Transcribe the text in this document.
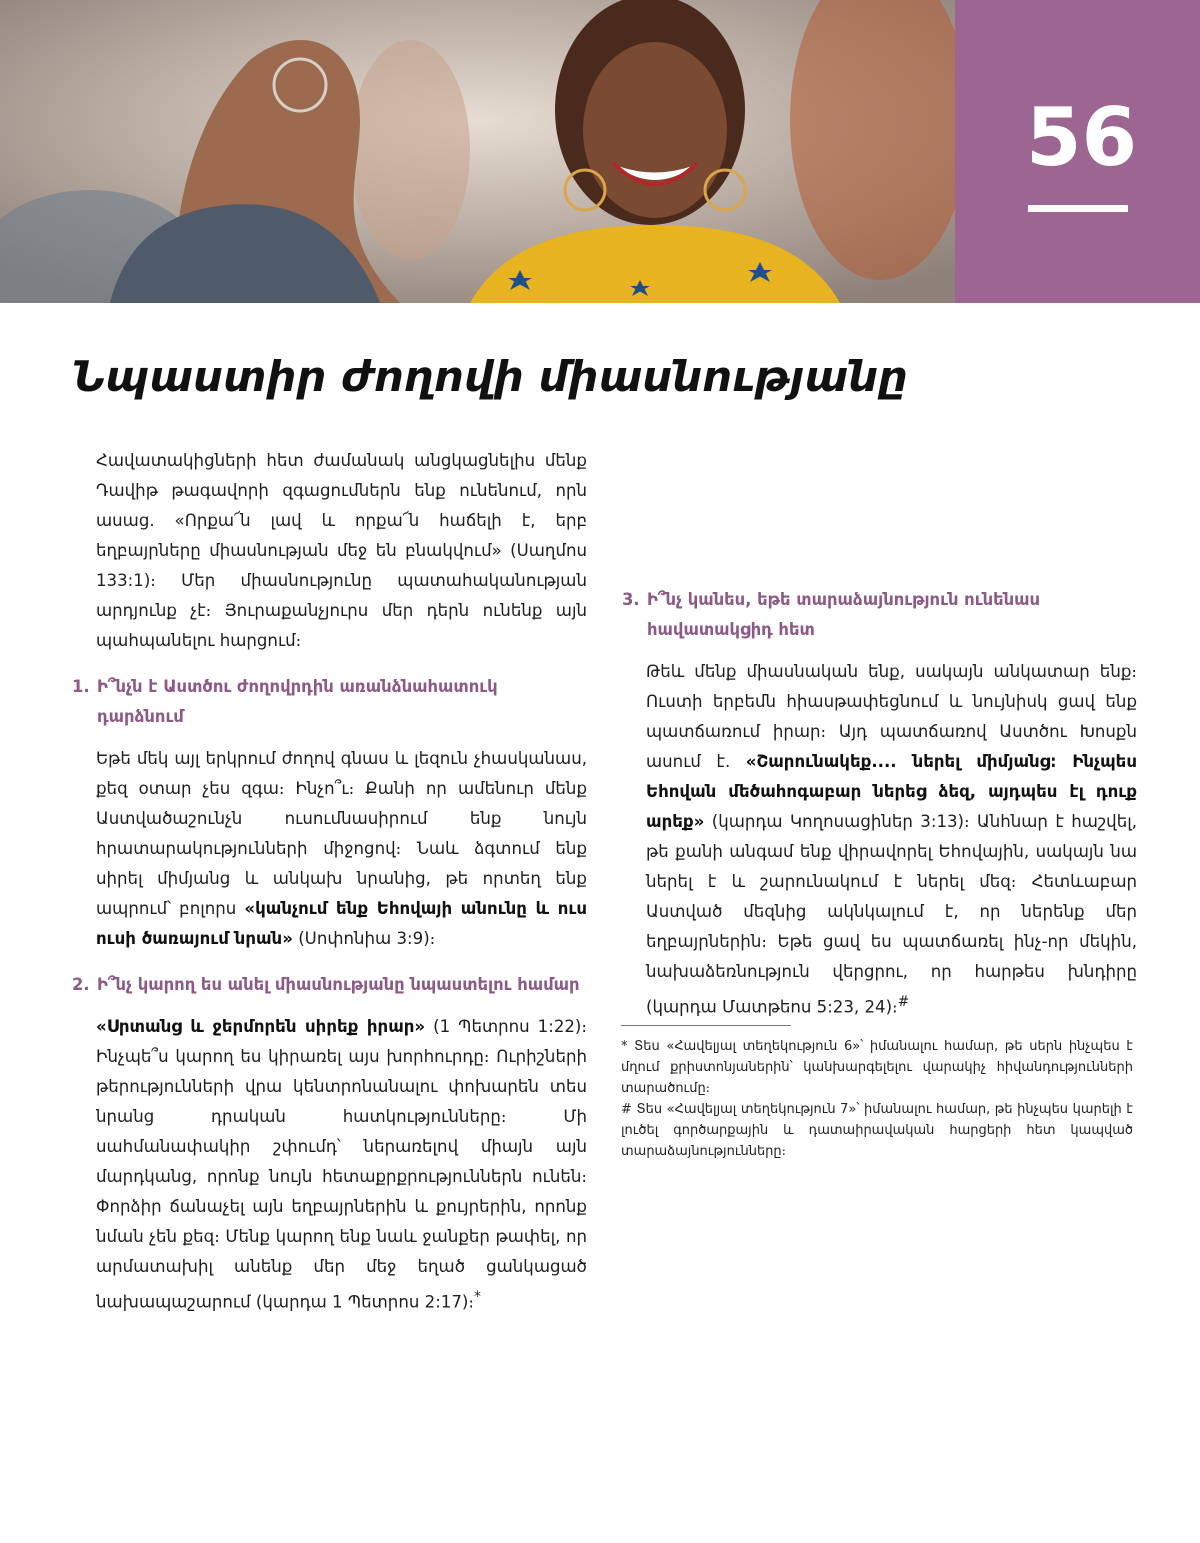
56
Նպաստիր ժողովի միասնությանը

Հավատակիցների հետ ժամանակ անցկացնելիս մենք Դավիթ թագավորի զգացումներն ենք ունենում, որն ասաց. «Որքա՜ն լավ և որքա՜ն հաճելի է, երբ եղբայրները միասնության մեջ են բնակվում» (Սաղմոս 133:1)։ Մեր միասնությունը պատահականության արդյունք չէ։ Յուրաքանչյուրս մեր դերն ունենք այն պահպանելու հարցում։

1. Ի՞նչն է Աստծու ժողովրդին առանձնահատուկ դարձնում

Եթե մեկ այլ երկրում ժողով գնաս և լեզուն չհասկանաս, քեզ օտար չես զգա։ Ինչո՞ւ։ Քանի որ ամենուր մենք Աստվածաշունչն ուսումնասիրում ենք նույն հրատարակությունների միջոցով։ Նաև ձգտում ենք սիրել միմյանց և անկախ նրանից, թե որտեղ ենք ապրում՝ բոլորս «կանչում ենք Եհովայի անունը և ուս ուսի ծառայում նրան» (Սոփոնիա 3:9)։

2. Ի՞նչ կարող ես անել միասնությանը նպաստելու համար

«Սրտանց և ջերմորեն սիրեք իրար» (1 Պետրոս 1:22)։ Ինչպե՞ս կարող ես կիրառել այս խորհուրդը։ Ուրիշների թերությունների վրա կենտրոնանալու փոխարեն տես նրանց դրական հատկությունները։ Մի սահմանափակիր շփումդ՝ ներառելով միայն այն մարդկանց, որոնք նույն հետաքրքրություններն ունեն։ Փորձիր ճանաչել այն եղբայրներին և քույրերին, որոնք նման չեն քեզ։ Մենք կարող ենք նաև ջանքեր թափել, որ արմատախիլ անենք մեր մեջ եղած ցանկացած նախապաշարում (կարդա 1 Պետրոս 2:17)։*

3. Ի՞նչ կանես, եթե տարաձայնություն ունենաս հավատակցիդ հետ

Թեև մենք միասնական ենք, սակայն անկատար ենք։ Ուստի երբեմն հիասթափեցնում և նույնիսկ ցավ ենք պատճառում իրար։ Այդ պատճառով Աստծու Խոսքն ասում է. «Շարունակեք.... ներել միմյանց։ Ինչպես Եհովան մեծահոգաբար ներեց ձեզ, այդպես էլ դուք արեք» (կարդա Կողոսացիներ 3:13)։ Անհնար է հաշվել, թե քանի անգամ ենք վիրավորել Եհովային, սակայն նա ներել է և շարունակում է ներել մեզ։ Հետևաբար Աստված մեզնից ակնկալում է, որ ներենք մեր եղբայրներին։ Եթե ցավ ես պատճառել ինչ-որ մեկին, նախաձեռնություն վերցրու, որ հարթես խնդիրը (կարդա Մատթեոս 5:23, 24)։#

* Տես «Հավելյալ տեղեկություն 6»՝ իմանալու համար, թե սերն ինչպես է մղում քրիստոնյաներին՝ կանխարգելելու վարակիչ հիվանդությունների տարածումը։

# Տես «Հավելյալ տեղեկություն 7»՝ իմանալու համար, թե ինչպես կարելի է լուծել գործարքային և դատաիրավական հարցերի հետ կապված տարաձայնությունները։
